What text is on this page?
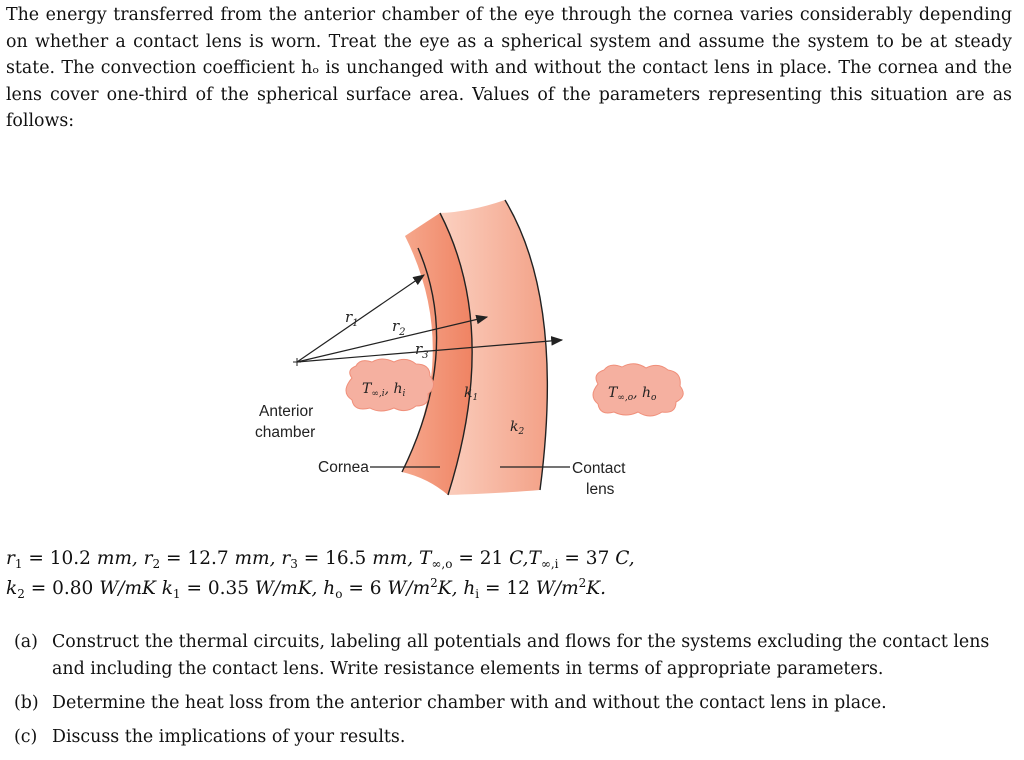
The energy transferred from the anterior chamber of the eye through the cornea varies considerably depending on whether a contact lens is worn. Treat the eye as a spherical system and assume the system to be at steady state. The convection coefficient hₒ is unchanged with and without the contact lens in place. The cornea and the lens cover one-third of the spherical surface area. Values of the parameters representing this situation are as follows:
$r_1$ $r_2$
$r_3$
$T_{\infty,i}$, $h_i$	$T_{\infty,o}$, $h_o$
$k_1$
$k_2$
Anterior
chamber
Cornea	Contact
lens
$r_1 = 10.2$ mm, $r_2 = 12.7$ mm, $r_3 = 16.5$ mm, $T_{\infty,o} = 21$ $C,T_{\infty,i} = 37$ C,
$k_2 = 0.80$ W/mK $k_1 = 0.35$ W/mK, $h_o = 6$ $W/m^2K$, $h_i = 12$ $W/m^2K$.
(a) Construct the thermal circuits, labeling all potentials and flows for the systems excluding the contact lens and including the contact lens. Write resistance elements in terms of appropriate parameters.
(b) Determine the heat loss from the anterior chamber with and without the contact lens in place.
(c) Discuss the implications of your results.
